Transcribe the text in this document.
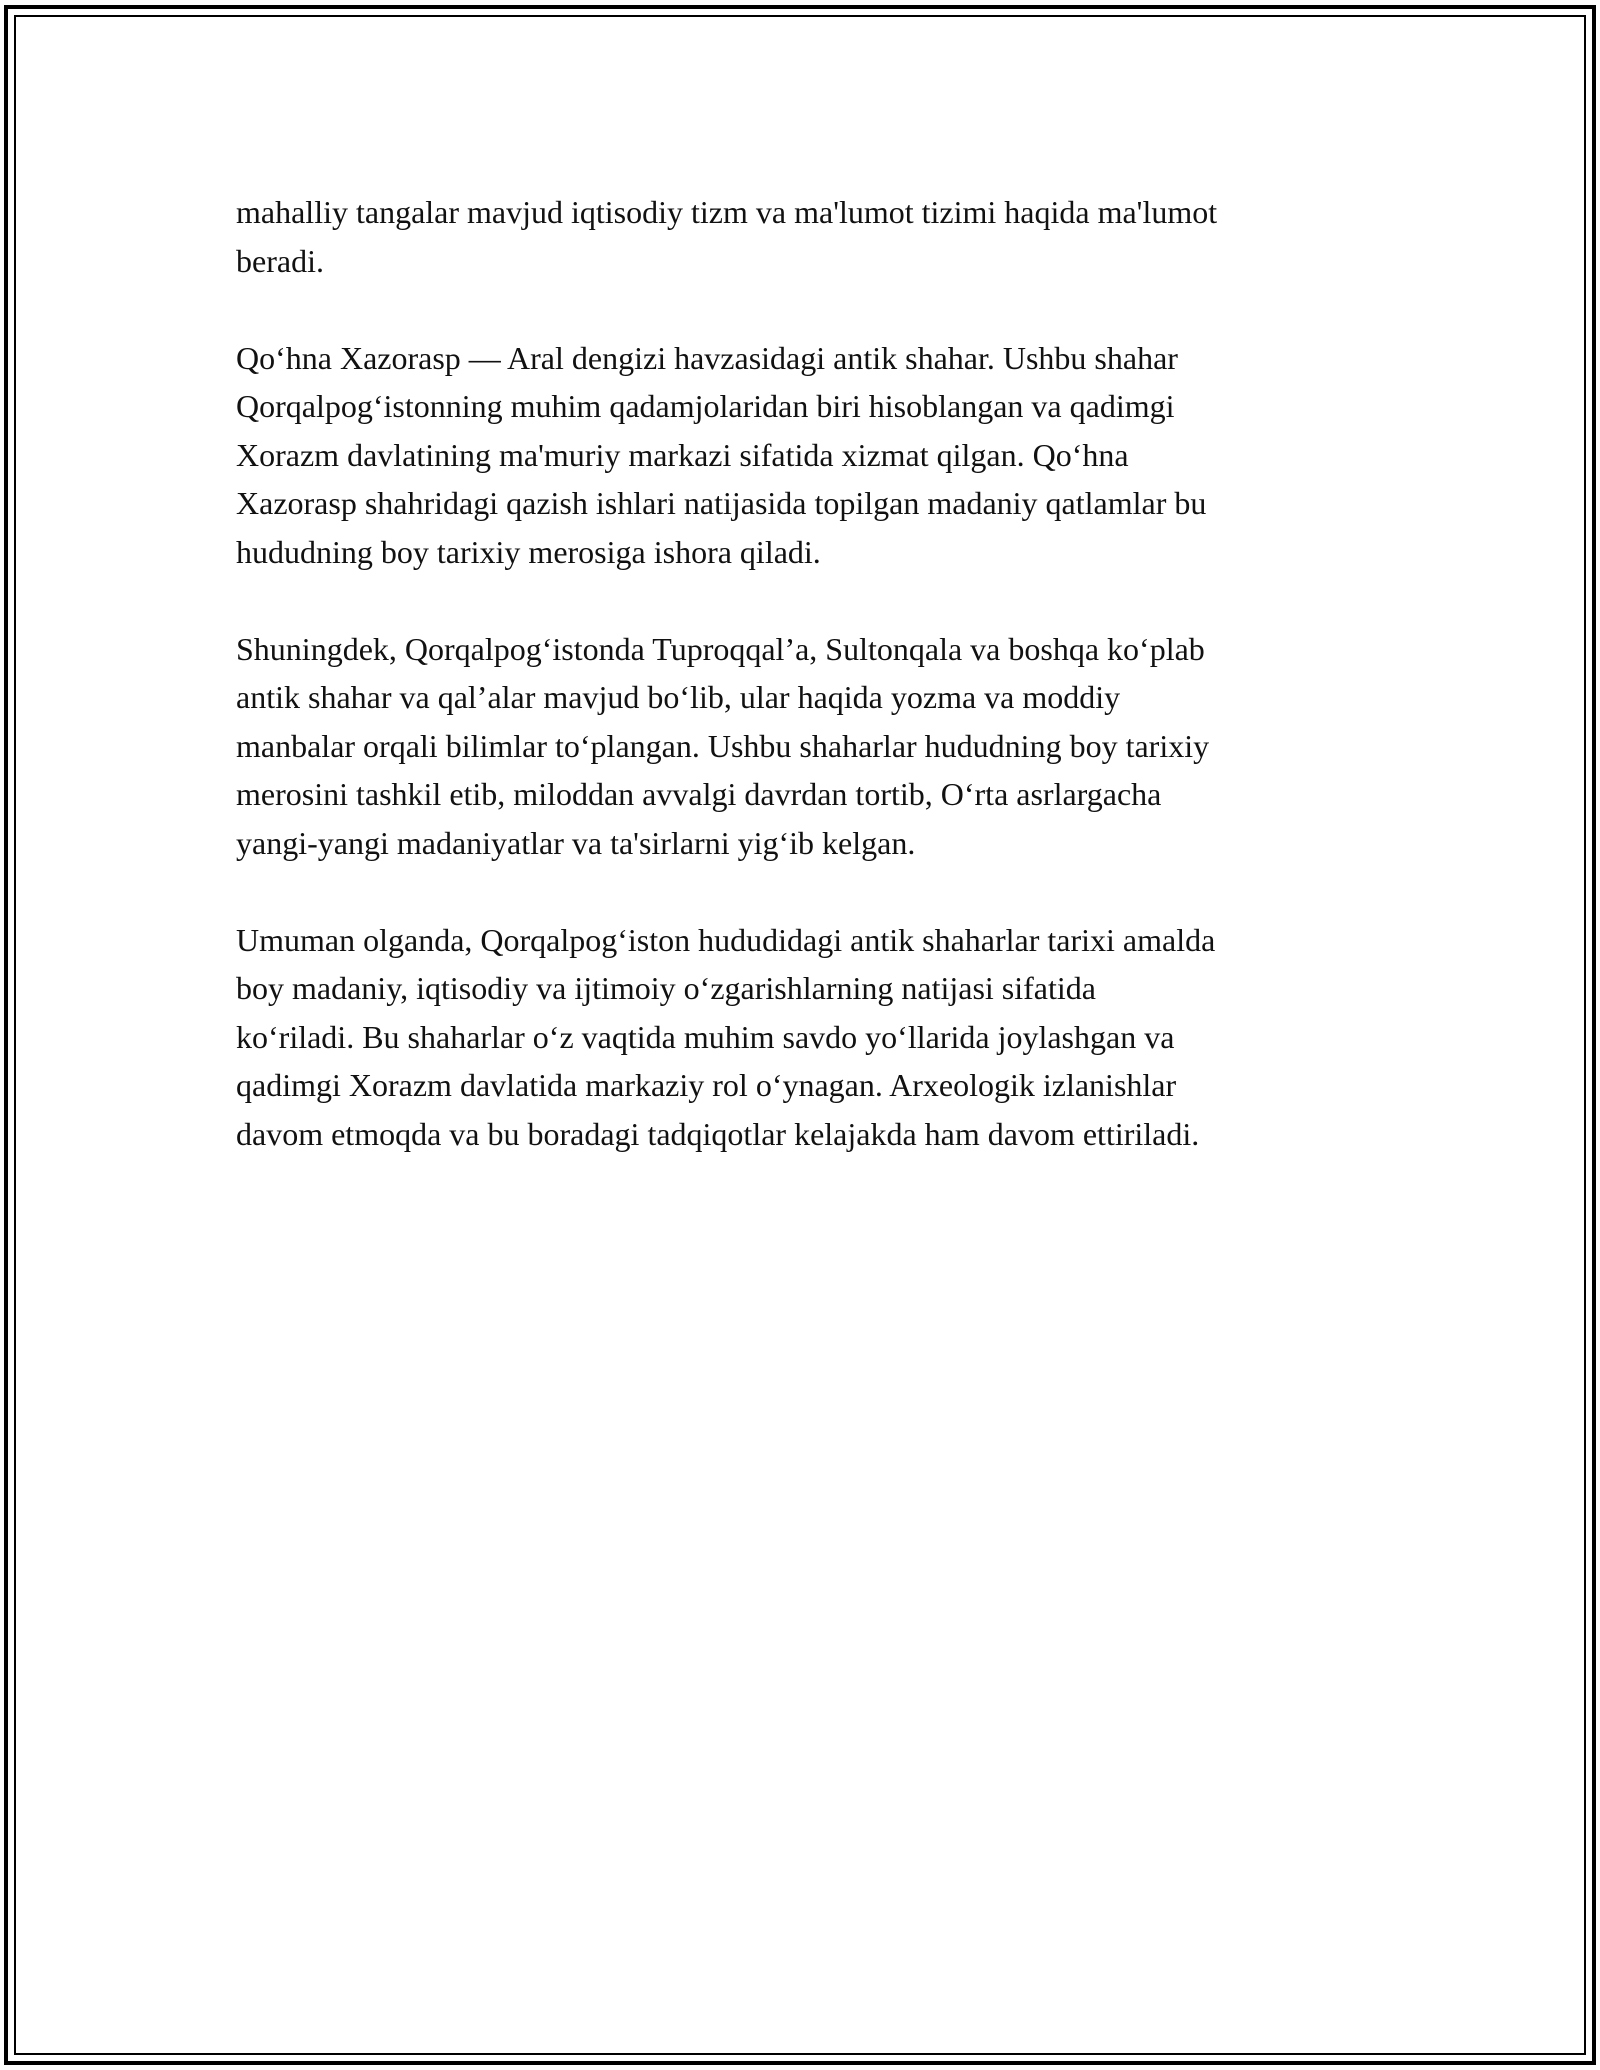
mahalliy tangalar mavjud iqtisodiy tizm va ma'lumot tizimi haqida ma'lumot
beradi.

Qo‘hna Xazorasp — Aral dengizi havzasidagi antik shahar. Ushbu shahar
Qorqalpog‘istonning muhim qadamjolaridan biri hisoblangan va qadimgi
Xorazm davlatining ma'muriy markazi sifatida xizmat qilgan. Qo‘hna
Xazorasp shahridagi qazish ishlari natijasida topilgan madaniy qatlamlar bu
hududning boy tarixiy merosiga ishora qiladi.

Shuningdek, Qorqalpog‘istonda Tuproqqal’a, Sultonqala va boshqa ko‘plab
antik shahar va qal’alar mavjud bo‘lib, ular haqida yozma va moddiy
manbalar orqali bilimlar to‘plangan. Ushbu shaharlar hududning boy tarixiy
merosini tashkil etib, miloddan avvalgi davrdan tortib, O‘rta asrlargacha
yangi-yangi madaniyatlar va ta'sirlarni yig‘ib kelgan.

Umuman olganda, Qorqalpog‘iston hududidagi antik shaharlar tarixi amalda
boy madaniy, iqtisodiy va ijtimoiy o‘zgarishlarning natijasi sifatida
ko‘riladi. Bu shaharlar o‘z vaqtida muhim savdo yo‘llarida joylashgan va
qadimgi Xorazm davlatida markaziy rol o‘ynagan. Arxeologik izlanishlar
davom etmoqda va bu boradagi tadqiqotlar kelajakda ham davom ettiriladi.
